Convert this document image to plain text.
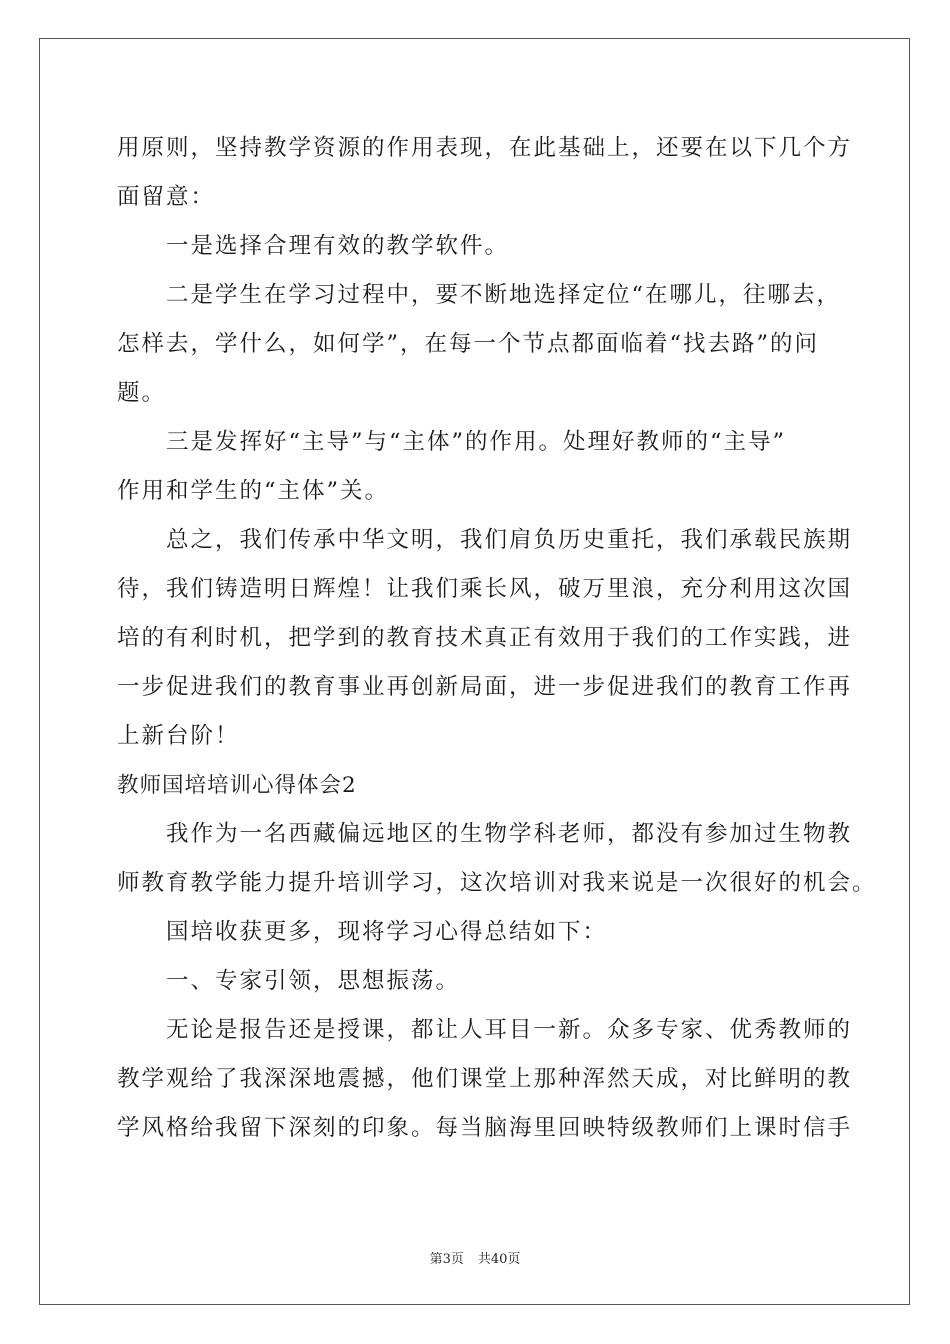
用原则，坚持教学资源的作用表现，在此基础上，还要在以下几个方

面留意：

　　一是选择合理有效的教学软件。

　　二是学生在学习过程中，要不断地选择定位“在哪儿，往哪去，

怎样去，学什么，如何学”，在每一个节点都面临着“找去路”的问

题。

　　三是发挥好“主导”与“主体”的作用。处理好教师的“主导”

作用和学生的“主体”关。

　　总之，我们传承中华文明，我们肩负历史重托，我们承载民族期

待，我们铸造明日辉煌！让我们乘长风，破万里浪，充分利用这次国

培的有利时机，把学到的教育技术真正有效用于我们的工作实践，进

一步促进我们的教育事业再创新局面，进一步促进我们的教育工作再

上新台阶！

教师国培培训心得体会2

　　我作为一名西藏偏远地区的生物学科老师，都没有参加过生物教

师教育教学能力提升培训学习，这次培训对我来说是一次很好的机会。

　　国培收获更多，现将学习心得总结如下：

　　一、专家引领，思想振荡。

　　无论是报告还是授课，都让人耳目一新。众多专家、优秀教师的

教学观给了我深深地震撼，他们课堂上那种浑然天成，对比鲜明的教

学风格给我留下深刻的印象。每当脑海里回映特级教师们上课时信手

第3页 共40页
